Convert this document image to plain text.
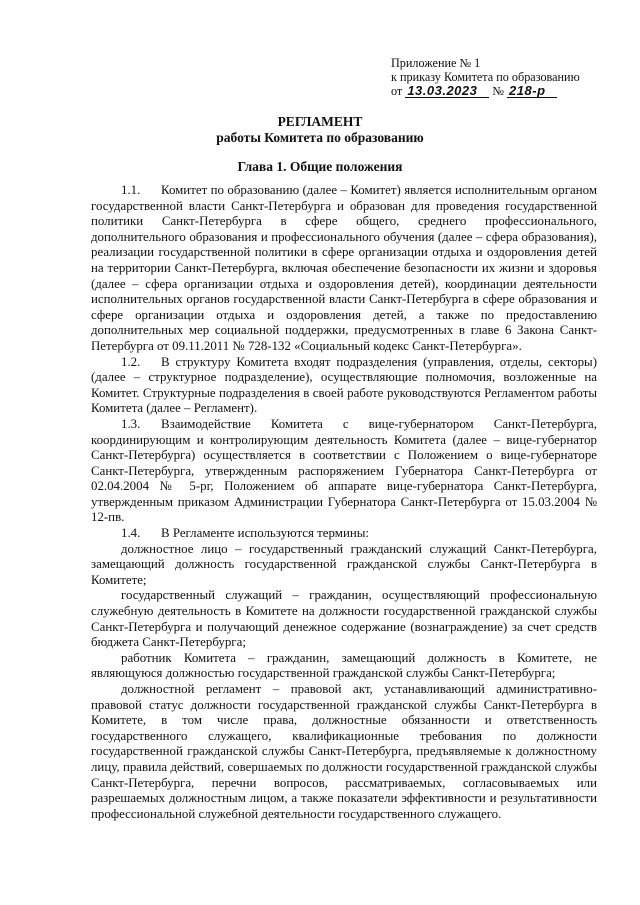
Приложение № 1
к приказу Комитета по образованию
от 13.03.2023 № 218-р
РЕГЛАМЕНТ
работы Комитета по образованию
Глава 1. Общие положения

1.1. Комитет по образованию (далее – Комитет) является исполнительным органом государственной власти Санкт-Петербурга и образован для проведения государственной политики Санкт-Петербурга в сфере общего, среднего профессионального, дополнительного образования и профессионального обучения (далее – сфера образования), реализации государственной политики в сфере организации отдыха и оздоровления детей на территории Санкт-Петербурга, включая обеспечение безопасности их жизни и здоровья (далее – сфера организации отдыха и оздоровления детей), координации деятельности исполнительных органов государственной власти Санкт-Петербурга в сфере образования и сфере организации отдыха и оздоровления детей, а также по предоставлению дополнительных мер социальной поддержки, предусмотренных в главе 6 Закона Санкт-Петербурга от 09.11.2011 № 728-132 «Социальный кодекс Санкт-Петербурга».

1.2. В структуру Комитета входят подразделения (управления, отделы, секторы) (далее – структурное подразделение), осуществляющие полномочия, возложенные на Комитет. Структурные подразделения в своей работе руководствуются Регламентом работы Комитета (далее – Регламент).

1.3. Взаимодействие Комитета с вице-губернатором Санкт-Петербурга, координирующим и контролирующим деятельность Комитета (далее – вице-губернатор Санкт-Петербурга) осуществляется в соответствии с Положением о вице-губернаторе Санкт-Петербурга, утвержденным распоряжением Губернатора Санкт-Петербурга от 02.04.2004 № 5-рг, Положением об аппарате вице-губернатора Санкт-Петербурга, утвержденным приказом Администрации Губернатора Санкт-Петербурга от 15.03.2004 № 12-пв.

1.4. В Регламенте используются термины:

должностное лицо – государственный гражданский служащий Санкт-Петербурга, замещающий должность государственной гражданской службы Санкт-Петербурга в Комитете;

государственный служащий – гражданин, осуществляющий профессиональную служебную деятельность в Комитете на должности государственной гражданской службы Санкт-Петербурга и получающий денежное содержание (вознаграждение) за счет средств бюджета Санкт-Петербурга;

работник Комитета – гражданин, замещающий должность в Комитете, не являющуюся должностью государственной гражданской службы Санкт-Петербурга;

должностной регламент – правовой акт, устанавливающий административно-правовой статус должности государственной гражданской службы Санкт-Петербурга в Комитете, в том числе права, должностные обязанности и ответственность государственного служащего, квалификационные требования по должности государственной гражданской службы Санкт-Петербурга, предъявляемые к должностному лицу, правила действий, совершаемых по должности государственной гражданской службы Санкт-Петербурга, перечни вопросов, рассматриваемых, согласовываемых или разрешаемых должностным лицом, а также показатели эффективности и результативности профессиональной служебной деятельности государственного служащего.
